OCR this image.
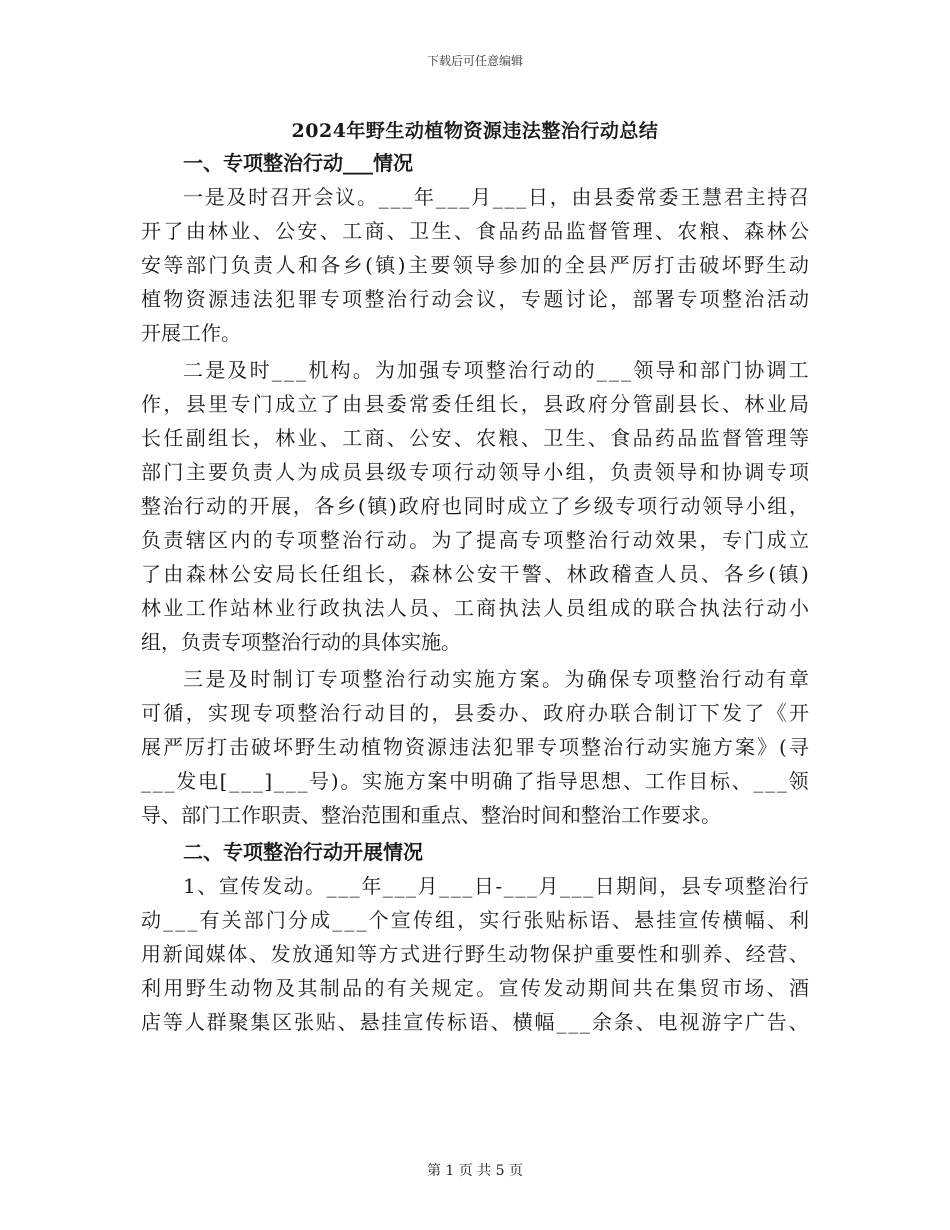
下载后可任意编辑
2024年野生动植物资源违法整治行动总结
一、专项整治行动___情况
一 是 及 时 召 开 会 议 。 _ _ _ 年 _ _ _ 月 _ _ _ 日 ， 由 县 委 常 委 王 慧 君 主 持 召
开 了 由 林 业 、 公 安 、 工 商 、 卫 生 、 食 品 药 品 监 督 管 理 、 农 粮 、 森 林 公
安 等 部 门 负 责 人 和 各 乡 ( 镇 ) 主 要 领 导 参 加 的 全 县 严 厉 打 击 破 坏 野 生 动
植 物 资 源 违 法 犯 罪 专 项 整 治 行 动 会 议 ， 专 题 讨 论 ， 部 署 专 项 整 治 活 动
开展工作。
二 是 及 时 _ _ _ 机 构 。 为 加 强 专 项 整 治 行 动 的 _ _ _ 领 导 和 部 门 协 调 工
作 ， 县 里 专 门 成 立 了 由 县 委 常 委 任 组 长 ， 县 政 府 分 管 副 县 长 、 林 业 局
长 任 副 组 长 ， 林 业 、 工 商 、 公 安 、 农 粮 、 卫 生 、 食 品 药 品 监 督 管 理 等
部 门 主 要 负 责 人 为 成 员 县 级 专 项 行 动 领 导 小 组 ， 负 责 领 导 和 协 调 专 项
整 治 行 动 的 开 展 ， 各 乡 ( 镇 ) 政 府 也 同 时 成 立 了 乡 级 专 项 行 动 领 导 小 组 ，
负 责 辖 区 内 的 专 项 整 治 行 动 。 为 了 提 高 专 项 整 治 行 动 效 果 ， 专 门 成 立
了 由 森 林 公 安 局 长 任 组 长 ， 森 林 公 安 干 警 、 林 政 稽 查 人 员 、 各 乡 ( 镇 )
林 业 工 作 站 林 业 行 政 执 法 人 员 、 工 商 执 法 人 员 组 成 的 联 合 执 法 行 动 小
组，负责专项整治行动的具体实施。
三 是 及 时 制 订 专 项 整 治 行 动 实 施 方 案 。 为 确 保 专 项 整 治 行 动 有 章
可 循 ， 实 现 专 项 整 治 行 动 目 的 ， 县 委 办 、 政 府 办 联 合 制 订 下 发 了 《 开
展 严 厉 打 击 破 坏 野 生 动 植 物 资 源 违 法 犯 罪 专 项 整 治 行 动 实 施 方 案 》 ( 寻
_ _ _ 发 电 [ _ _ _ ] _ _ _ 号 ) 。 实 施 方 案 中 明 确 了 指 导 思 想 、 工 作 目 标 、 _ _ _ 领
导、部门工作职责、整治范围和重点、整治时间和整治工作要求。
二、专项整治行动开展情况
1 、 宣 传 发 动 。 _ _ _ 年 _ _ _ 月 _ _ _ 日 - _ _ _ 月 _ _ _ 日 期 间 ， 县 专 项 整 治 行
动 _ _ _ 有 关 部 门 分 成 _ _ _ 个 宣 传 组 ， 实 行 张 贴 标 语 、 悬 挂 宣 传 横 幅 、 利
用 新 闻 媒 体 、 发 放 通 知 等 方 式 进 行 野 生 动 物 保 护 重 要 性 和 驯 养 、 经 营 、
利 用 野 生 动 物 及 其 制 品 的 有 关 规 定 。 宣 传 发 动 期 间 共 在 集 贸 市 场 、 酒
店 等 人 群 聚 集 区 张 贴 、 悬 挂 宣 传 标 语 、 横 幅 _ _ _ 余 条 、 电 视 游 字 广 告 、
第 1 页 共 5 页
